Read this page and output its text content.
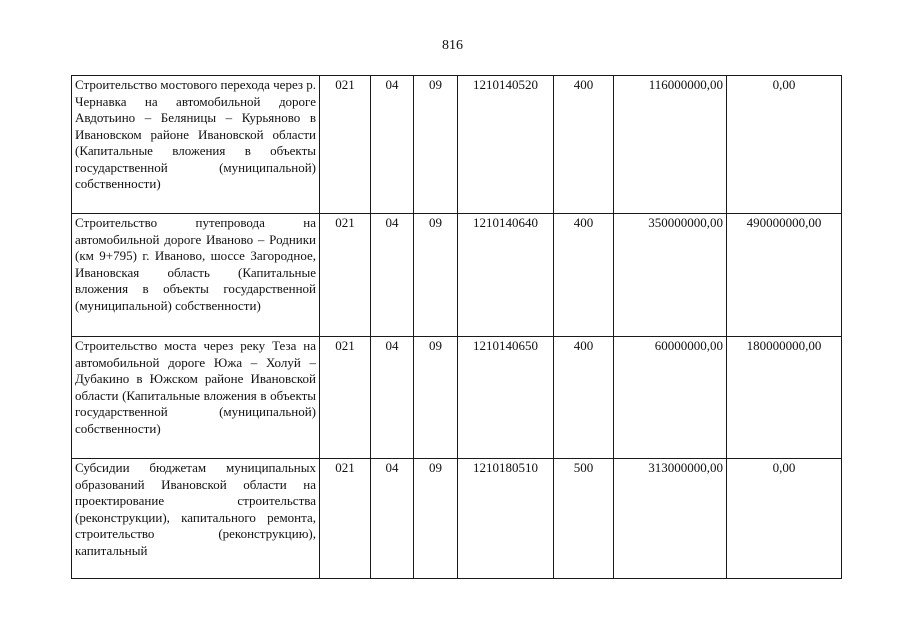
816
Строительство мостового перехода через р. Чернавка на автомобильной дороге Авдотьино – Беляницы – Курьяново в Ивановском районе Ивановской области (Капитальные вложения в объекты государственной (муниципальной) собственности)	021	04	09	1210140520	400	116000000,00	0,00
Строительство путепровода на автомобильной дороге Иваново – Родники (км 9+795) г. Иваново, шоссе Загородное, Ивановская область (Капитальные вложения в объекты государственной (муниципальной) собственности)	021	04	09	1210140640	400	350000000,00	490000000,00
Строительство моста через реку Теза на автомобильной дороге Южа – Холуй – Дубакино в Южском районе Ивановской области (Капитальные вложения в объекты государственной (муниципальной) собственности)	021	04	09	1210140650	400	60000000,00	180000000,00
Субсидии бюджетам муниципальных образований Ивановской области на проектирование строительства (реконструкции), капитального ремонта, строительство (реконструкцию), капитальный	021	04	09	1210180510	500	313000000,00	0,00
